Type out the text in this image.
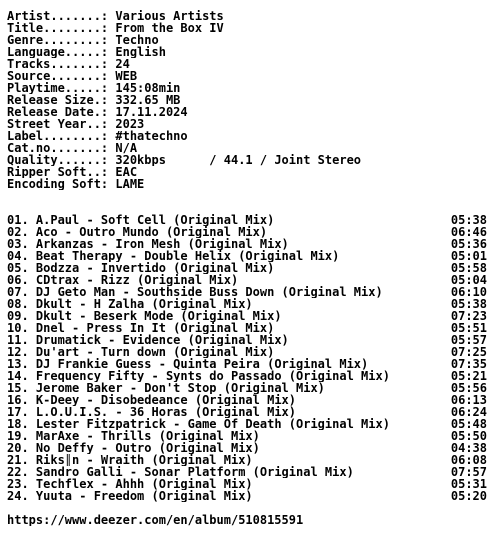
Artist.......: Various Artists
Title........: From the Box IV
Genre........: Techno
Language.....: English
Tracks.......: 24
Source.......: WEB
Playtime.....: 145:08min
Release Size.: 332.65 MB
Release Date.: 17.11.2024
Street Year..: 2023
Label........: #thatechno
Cat.no.......: N/A
Quality......: 320kbps      / 44.1 / Joint Stereo
Ripper Soft..: EAC
Encoding Soft: LAME
01. A.Paul - Soft Cell (Original Mix)	05:38
02. Aco - Outro Mundo (Original Mix)	06:46
03. Arkanzas - Iron Mesh (Original Mix)	05:36
04. Beat Therapy - Double Helix (Original Mix)	05:01
05. Bodzza - Invertido (Original Mix)	05:58
06. CDtrax - Rizz (Original Mix)	05:04
07. DJ Geto Man - Southside Buss Down (Original Mix)	06:10
08. Dkult - H Zalha (Original Mix)	05:38
09. Dkult - Beserk Mode (Original Mix)	07:23
10. Dnel - Press In It (Original Mix)	05:51
11. Drumatick - Evidence (Original Mix)	05:57
12. Du'art - Turn down (Original Mix)	07:25
13. DJ Frankie Guess - Quinta Peira (Original Mix)	07:35
14. Frequency Fifty - Synts do Passado (Original Mix)	05:21
15. Jerome Baker - Don't Stop (Original Mix)	05:56
16. K-Deey - Disobedeance (Original Mix)	06:13
17. L.O.U.I.S. - 36 Horas (Original Mix)	06:24
18. Lester Fitzpatrick - Game Of Death (Original Mix)	05:48
19. MarAxe - Thrills (Original Mix)	05:50
20. No Deffy - Outro (Original Mix)	04:38
21. Riks║n - Wraith (Original Mix)	06:08
22. Sandro Galli - Sonar Platform (Original Mix)	07:57
23. Techflex - Ahhh (Original Mix)	05:31
24. Yuuta - Freedom (Original Mix)	05:20
https://www.deezer.com/en/album/510815591
